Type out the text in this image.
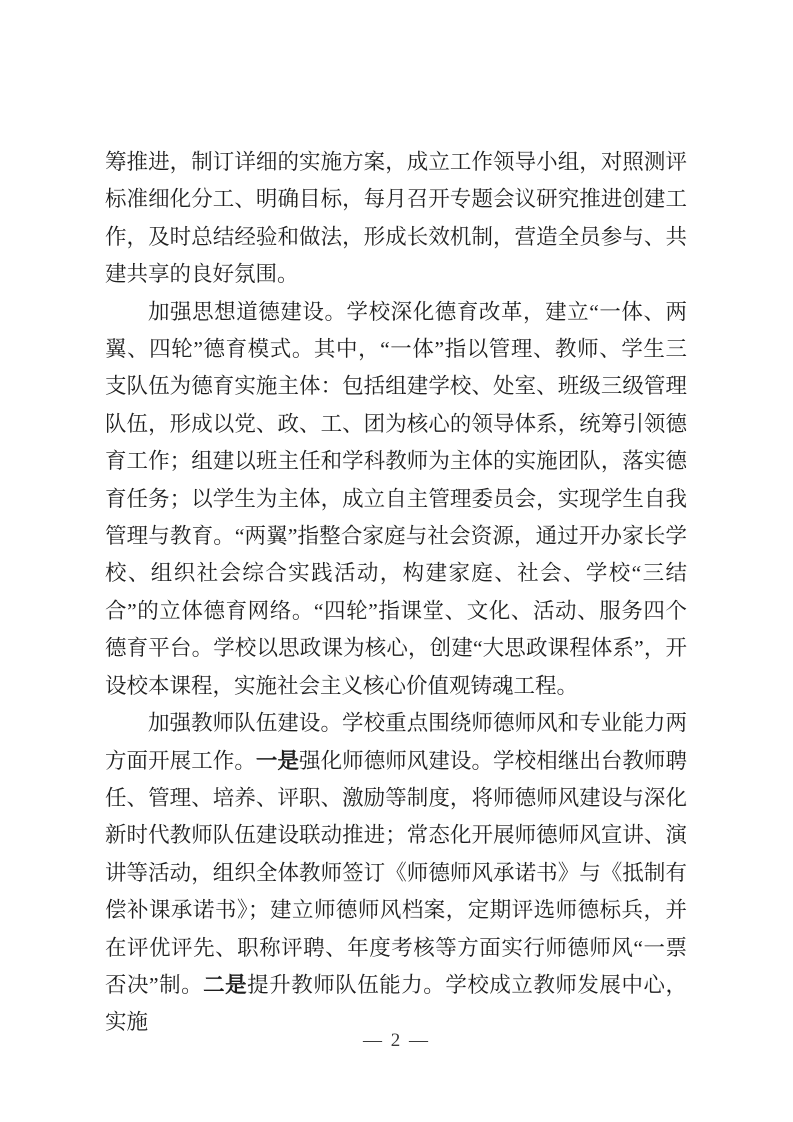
筹推进，制订详细的实施方案，成立工作领导小组，对照测评标准细化分工、明确目标，每月召开专题会议研究推进创建工作，及时总结经验和做法，形成长效机制，营造全员参与、共建共享的良好氛围。

加强思想道德建设。学校深化德育改革，建立“一体、两翼、四轮”德育模式。其中，“一体”指以管理、教师、学生三支队伍为德育实施主体：包括组建学校、处室、班级三级管理队伍，形成以党、政、工、团为核心的领导体系，统筹引领德育工作；组建以班主任和学科教师为主体的实施团队，落实德育任务；以学生为主体，成立自主管理委员会，实现学生自我管理与教育。“两翼”指整合家庭与社会资源，通过开办家长学校、组织社会综合实践活动，构建家庭、社会、学校“三结合”的立体德育网络。“四轮”指课堂、文化、活动、服务四个德育平台。学校以思政课为核心，创建“大思政课程体系”，开设校本课程，实施社会主义核心价值观铸魂工程。

加强教师队伍建设。学校重点围绕师德师风和专业能力两方面开展工作。一是强化师德师风建设。学校相继出台教师聘任、管理、培养、评职、激励等制度，将师德师风建设与深化新时代教师队伍建设联动推进；常态化开展师德师风宣讲、演讲等活动，组织全体教师签订《师德师风承诺书》与《抵制有偿补课承诺书》；建立师德师风档案，定期评选师德标兵，并在评优评先、职称评聘、年度考核等方面实行师德师风“一票否决”制。二是提升教师队伍能力。学校成立教师发展中心，实施

— 2 —
